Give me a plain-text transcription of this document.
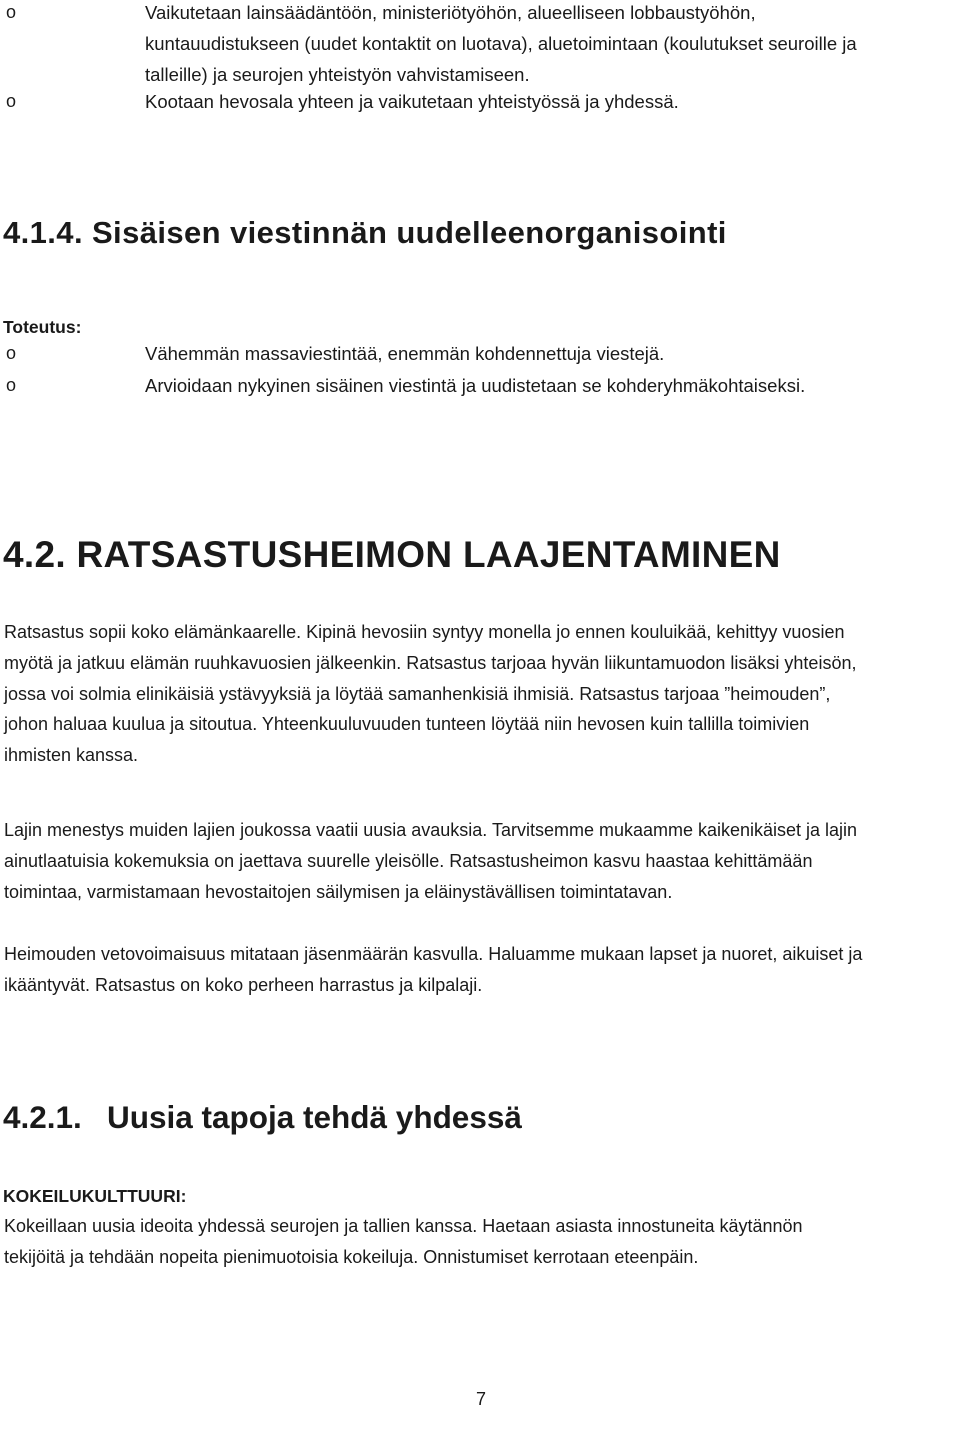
o	Vaikutetaan lainsäädäntöön, ministeriötyöhön, alueelliseen lobbaustyöhön,
kuntauudistukseen (uudet kontaktit on luotava), aluetoimintaan (koulutukset seuroille ja
talleille) ja seurojen yhteistyön vahvistamiseen.
o	Kootaan hevosala yhteen ja vaikutetaan yhteistyössä ja yhdessä.
4.1.4. Sisäisen viestinnän uudelleenorganisointi
Toteutus:
o	Vähemmän massaviestintää, enemmän kohdennettuja viestejä.
o	Arvioidaan nykyinen sisäinen viestintä ja uudistetaan se kohderyhmäkohtaiseksi.
4.2. RATSASTUSHEIMON LAAJENTAMINEN
Ratsastus sopii koko elämänkaarelle. Kipinä hevosiin syntyy monella jo ennen kouluikää, kehittyy vuosien
myötä ja jatkuu elämän ruuhkavuosien jälkeenkin. Ratsastus tarjoaa hyvän liikuntamuodon lisäksi yhteisön,
jossa voi solmia elinikäisiä ystävyyksiä ja löytää samanhenkisiä ihmisiä. Ratsastus tarjoaa ”heimouden”,
johon haluaa kuulua ja sitoutua. Yhteenkuuluvuuden tunteen löytää niin hevosen kuin tallilla toimivien
ihmisten kanssa.
Lajin menestys muiden lajien joukossa vaatii uusia avauksia. Tarvitsemme mukaamme kaikenikäiset ja lajin
ainutlaatuisia kokemuksia on jaettava suurelle yleisölle. Ratsastusheimon kasvu haastaa kehittämään
toimintaa, varmistamaan hevostaitojen säilymisen ja eläinystävällisen toimintatavan.
Heimouden vetovoimaisuus mitataan jäsenmäärän kasvulla. Haluamme mukaan lapset ja nuoret, aikuiset ja
ikääntyvät. Ratsastus on koko perheen harrastus ja kilpalaji.
4.2.1. Uusia tapoja tehdä yhdessä
KOKEILUKULTTUURI:
Kokeillaan uusia ideoita yhdessä seurojen ja tallien kanssa. Haetaan asiasta innostuneita käytännön
tekijöitä ja tehdään nopeita pienimuotoisia kokeiluja. Onnistumiset kerrotaan eteenpäin.
7
